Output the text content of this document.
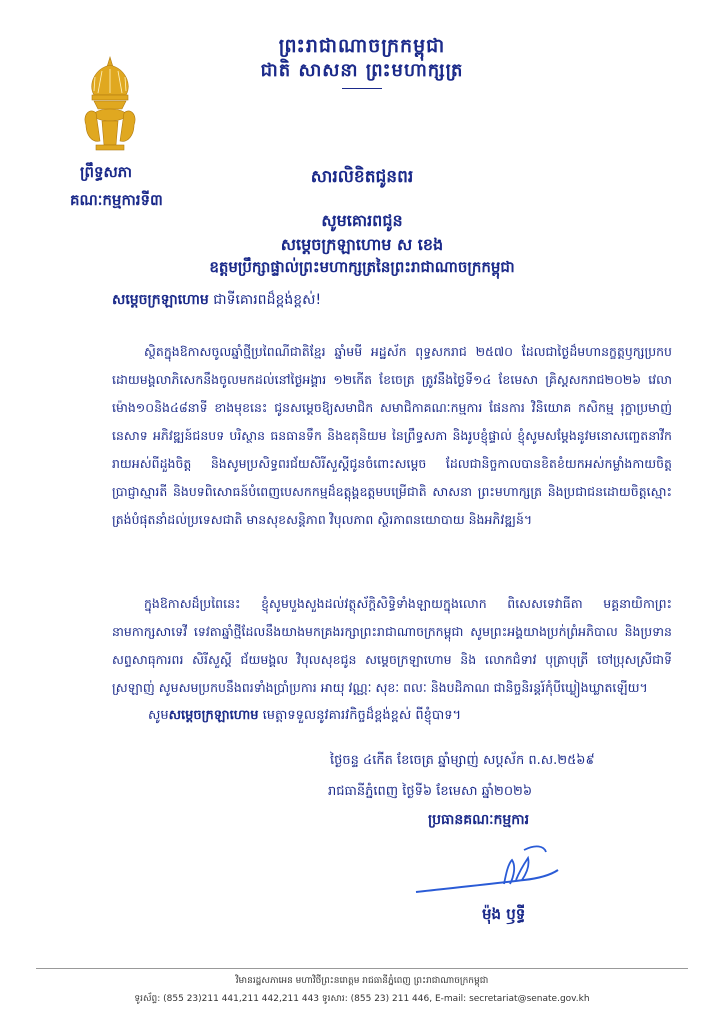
ព្រះរាជាណាចក្រកម្ពុជា
ជាតិ សាសនា ព្រះមហាក្សត្រ
ព្រឹទ្ធសភា
គណៈកម្មការទី៣
សារលិខិតជូនពរ
សូមគោរពជូន
សម្តេចក្រឡាហោម ស ខេង
ឧត្តមប្រឹក្សាផ្ទាល់ព្រះមហាក្សត្រនៃព្រះរាជាណាចក្រកម្ពុជា
សម្តេចក្រឡាហោម ជាទីគោរពដ៏ខ្ពង់ខ្ពស់!
ស្ថិតក្នុងឱកាសចូលឆ្នាំថ្មីប្រពៃណីជាតិខ្មែរ ឆ្នាំមមី អដ្ឋស័ក ពុទ្ធសករាជ ២៥៧០ ដែលជាថ្ងៃដ៏មហានក្ខត្តឫក្សប្រកបដោយមង្គលាភិសេកនឹងចូលមកដល់នៅថ្ងៃអង្គារ ១២កើត ខែចេត្រ ត្រូវនឹងថ្ងៃទី១៤ ខែមេសា គ្រិស្តសករាជ២០២៦ វេលាម៉ោង១០និង៤៨នាទី ខាងមុខនេះ ជូនសម្ដេចឱ្យសមាជិក សមាជិកាគណៈកម្មការ ផែនការ វិនិយោគ កសិកម្ម រុក្ខាប្រមាញ់នេសាទ អភិវឌ្ឍន៍ជនបទ បរិស្ថាន ធនធានទឹក និងឧតុនិយម នៃព្រឹទ្ធសភា និងរូបខ្ញុំផ្ទាល់ ខ្ញុំសូមសម្ដែងនូវមនោសញ្ចេតនាវីករាយអស់ពីដួងចិត្ត និងសូមប្រសិទ្ធពរជ័យសិរីសួស្ដីជូនចំពោះសម្ដេច ដែលជានិច្ចកាលបានខិតខំយកអស់កម្លាំងកាយចិត្ត ប្រាជ្ញាស្មារតី និងបទពិសោធន៍បំពេញបេសកកម្មដ៏ឧត្តុង្គឧត្តមបម្រើជាតិ សាសនា ព្រះមហាក្សត្រ និងប្រជាជនដោយចិត្តស្មោះត្រង់បំផុតនាំដល់ប្រទេសជាតិ មានសុខសន្តិភាព វិបុលភាព ស្ថិរភាពនយោបាយ និងអភិវឌ្ឍន៍។
ក្នុងឱកាសដ៏ប្រពៃនេះ ខ្ញុំសូមបួងសួងដល់វត្ថុស័ក្តិសិទ្ធិទាំងឡាយក្នុងលោក ពិសេសទេវាធីតា មគ្គនាយិកាព្រះនាមកាក្សសាទេវី ទេវតាឆ្នាំថ្មីដែលនឹងយាងមកគ្រងរក្សាព្រះរាជាណាចក្រកម្ពុជា សូមព្រះអង្គយាងប្រក់ព្រំអភិបាល និងប្រទានសព្ទសាធុការពរ សិរីសួស្ដី ជ័យមង្គល វិបុលសុខជូន សម្ដេចក្រឡាហោម និង លោកជំទាវ បុត្រាបុត្រី ចៅប្រុសស្រីជាទីស្រឡាញ់ សូមសមប្រកបនឹងពរទាំងប្រាំប្រការ អាយុ វណ្ណៈ សុខៈ ពលៈ និងបដិភាណ ជានិច្ចនិរន្តរ៍កុំបីឃ្លៀងឃ្លាតឡើយ។
សូមសម្តេចក្រឡាហោម មេត្តាទទួលនូវគារវកិច្ចដ៏ខ្ពង់ខ្ពស់ ពីខ្ញុំបាទ។
ថ្ងៃចន្ទ ៤កើត ខែចេត្រ ឆ្នាំម្សាញ់ សប្តស័ក ព.ស.២៥៦៩
រាជធានីភ្នំពេញ ថ្ងៃទី៦ ខែមេសា ឆ្នាំ២០២៦
ប្រធានគណៈកម្មការ
ម៉ុង ឫទ្ធី
វិមានរដ្ឋសភាអេន មហាវិថីព្រះនរោត្តម រាជធានីភ្នំពេញ ព្រះរាជាណាចក្រកម្ពុជា
ទូរស័ព្ទ: (855 23)211 441,211 442,211 443 ទូរសារ: (855 23) 211 446, E-mail: secretariat@senate.gov.kh
